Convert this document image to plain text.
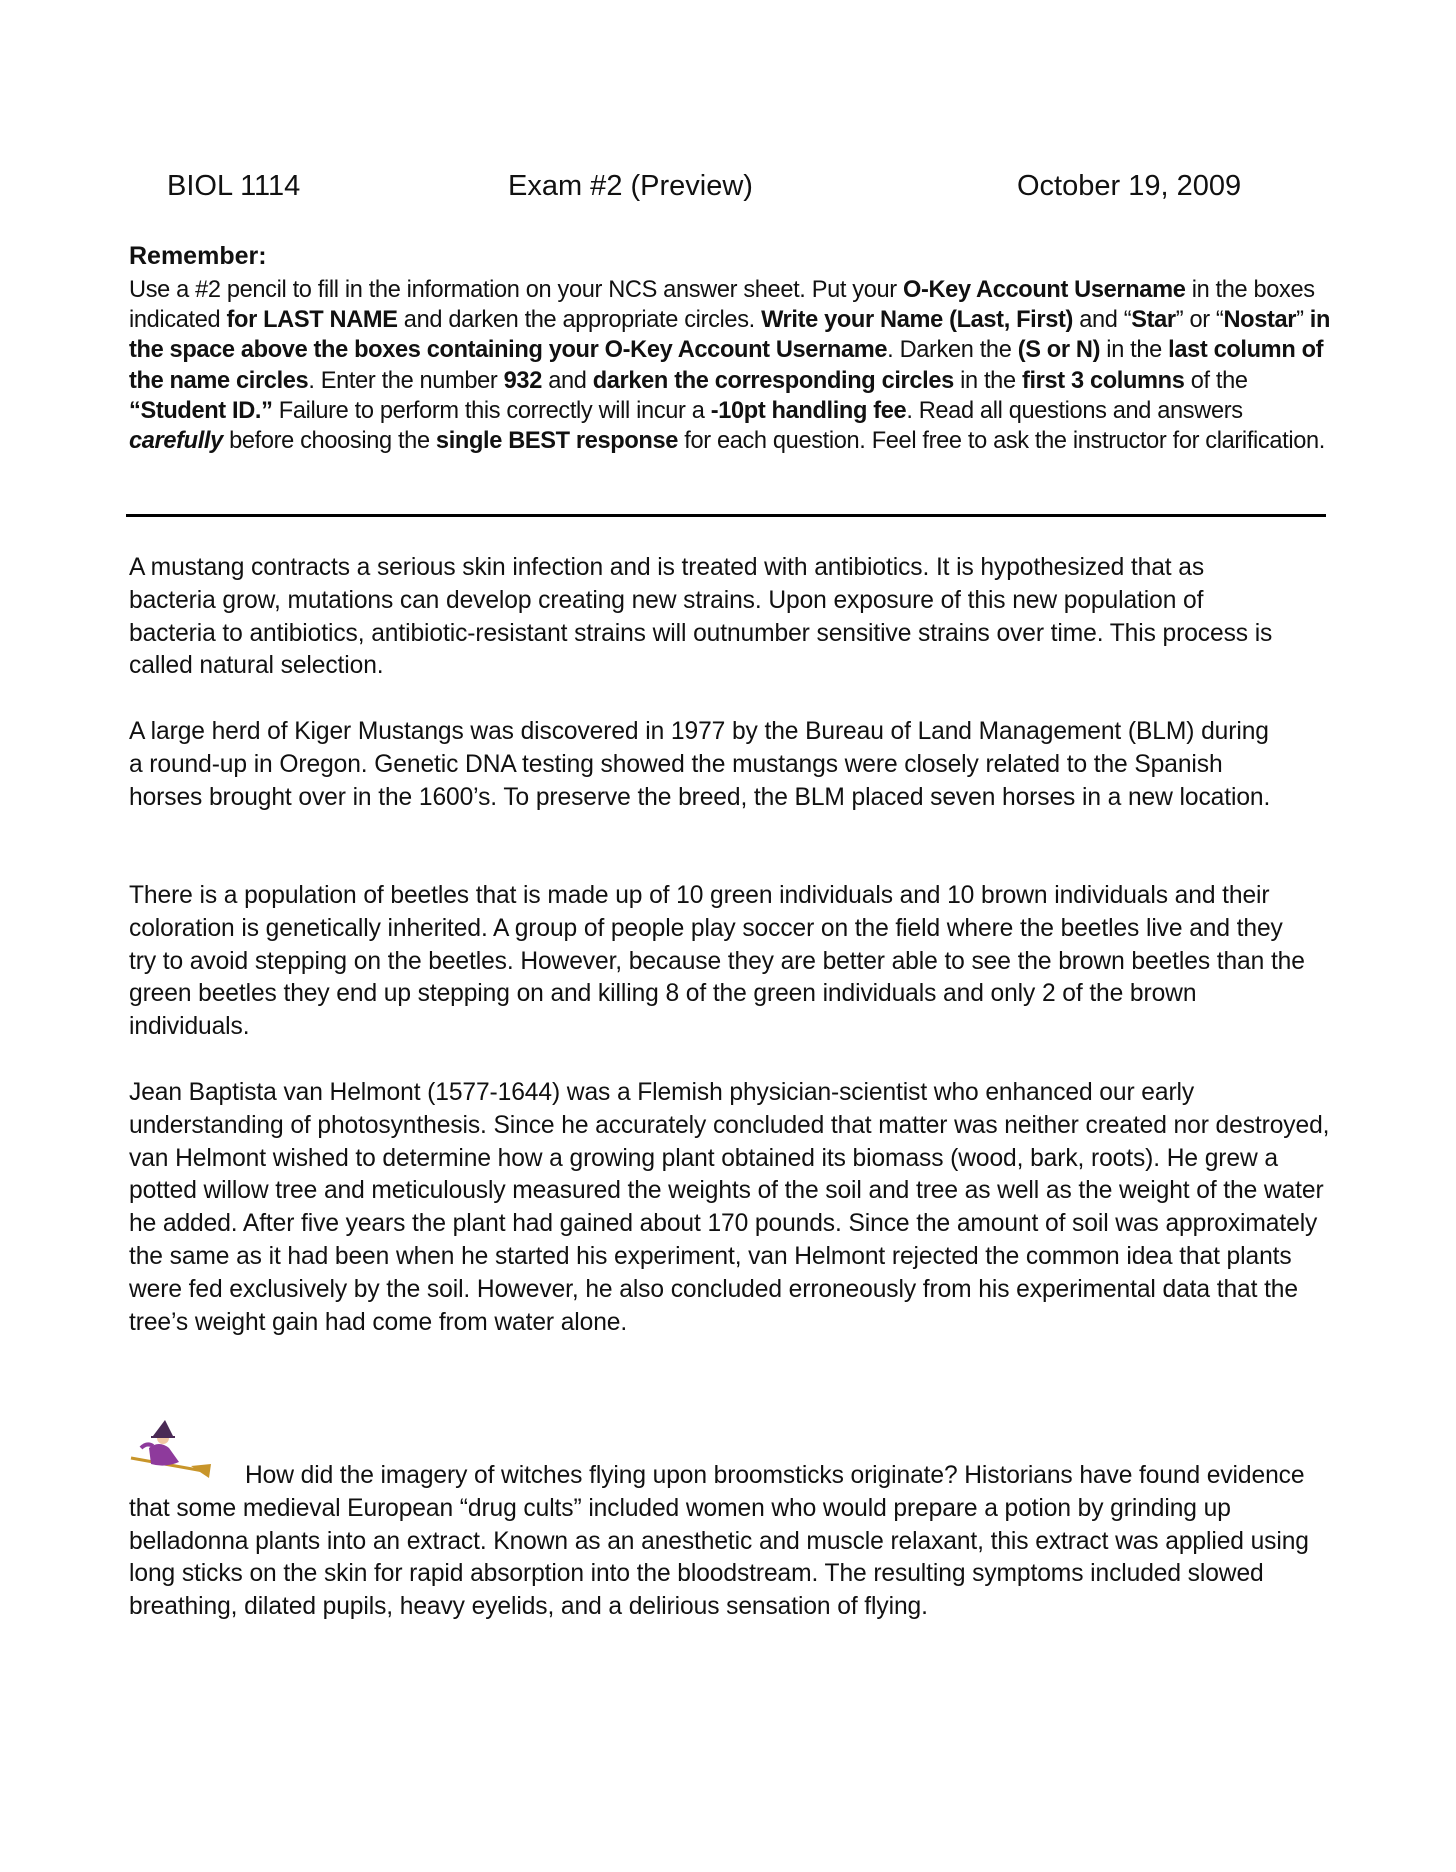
BIOL 1114	Exam #2 (Preview)	October 19, 2009

Remember:

Use a #2 pencil to fill in the information on your NCS answer sheet. Put your O-Key Account Username in the boxes indicated for LAST NAME and darken the appropriate circles. Write your Name (Last, First) and “Star” or “Nostar” in the space above the boxes containing your O-Key Account Username. Darken the (S or N) in the last column of the name circles. Enter the number 932 and darken the corresponding circles in the first 3 columns of the “Student ID.” Failure to perform this correctly will incur a -10pt handling fee. Read all questions and answers carefully before choosing the single BEST response for each question. Feel free to ask the instructor for clarification.

A mustang contracts a serious skin infection and is treated with antibiotics. It is hypothesized that as bacteria grow, mutations can develop creating new strains. Upon exposure of this new population of bacteria to antibiotics, antibiotic-resistant strains will outnumber sensitive strains over time. This process is called natural selection.

A large herd of Kiger Mustangs was discovered in 1977 by the Bureau of Land Management (BLM) during a round-up in Oregon. Genetic DNA testing showed the mustangs were closely related to the Spanish horses brought over in the 1600’s. To preserve the breed, the BLM placed seven horses in a new location.

There is a population of beetles that is made up of 10 green individuals and 10 brown individuals and their coloration is genetically inherited. A group of people play soccer on the field where the beetles live and they try to avoid stepping on the beetles. However, because they are better able to see the brown beetles than the green beetles they end up stepping on and killing 8 of the green individuals and only 2 of the brown individuals.

Jean Baptista van Helmont (1577-1644) was a Flemish physician-scientist who enhanced our early understanding of photosynthesis. Since he accurately concluded that matter was neither created nor destroyed, van Helmont wished to determine how a growing plant obtained its biomass (wood, bark, roots). He grew a potted willow tree and meticulously measured the weights of the soil and tree as well as the weight of the water he added. After five years the plant had gained about 170 pounds. Since the amount of soil was approximately the same as it had been when he started his experiment, van Helmont rejected the common idea that plants were fed exclusively by the soil. However, he also concluded erroneously from his experimental data that the tree’s weight gain had come from water alone.

How did the imagery of witches flying upon broomsticks originate? Historians have found evidence that some medieval European “drug cults” included women who would prepare a potion by grinding up belladonna plants into an extract. Known as an anesthetic and muscle relaxant, this extract was applied using long sticks on the skin for rapid absorption into the bloodstream. The resulting symptoms included slowed breathing, dilated pupils, heavy eyelids, and a delirious sensation of flying.
